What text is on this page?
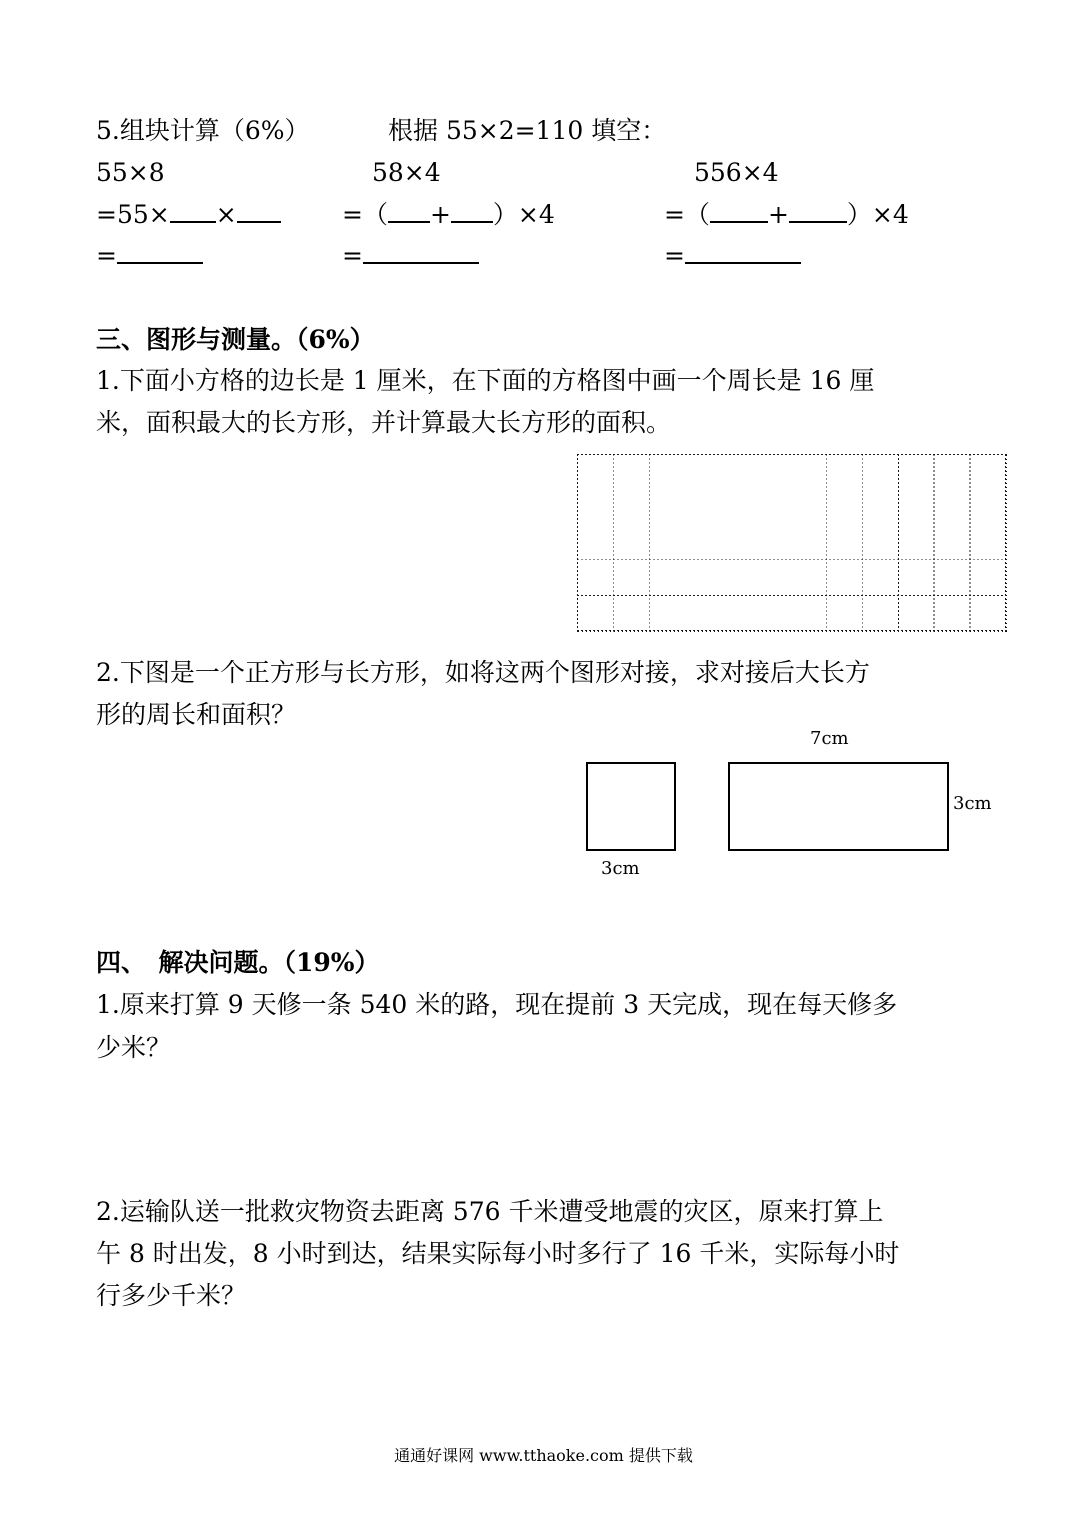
5.组块计算（6%）	根据 55×2=110 填空：
55×8	58×4	556×4
=55× ×	=（ + ）×4	=（ + ）×4
=	=	=
三、图形与测量。（6%）
1.下面小方格的边长是 1 厘米，在下面的方格图中画一个周长是 16 厘
米，面积最大的长方形，并计算最大长方形的面积。
2.下图是一个正方形与长方形，如将这两个图形对接，求对接后大长方
形的周长和面积？
3cm
7cm
3cm
四、　解决问题。（19%）
1.原来打算 9 天修一条 540 米的路，现在提前 3 天完成，现在每天修多
少米？
2.运输队送一批救灾物资去距离 576 千米遭受地震的灾区，原来打算上
午 8 时出发，8 小时到达，结果实际每小时多行了 16 千米，实际每小时
行多少千米？
通通好课网 www.tthaoke.com 提供下载
